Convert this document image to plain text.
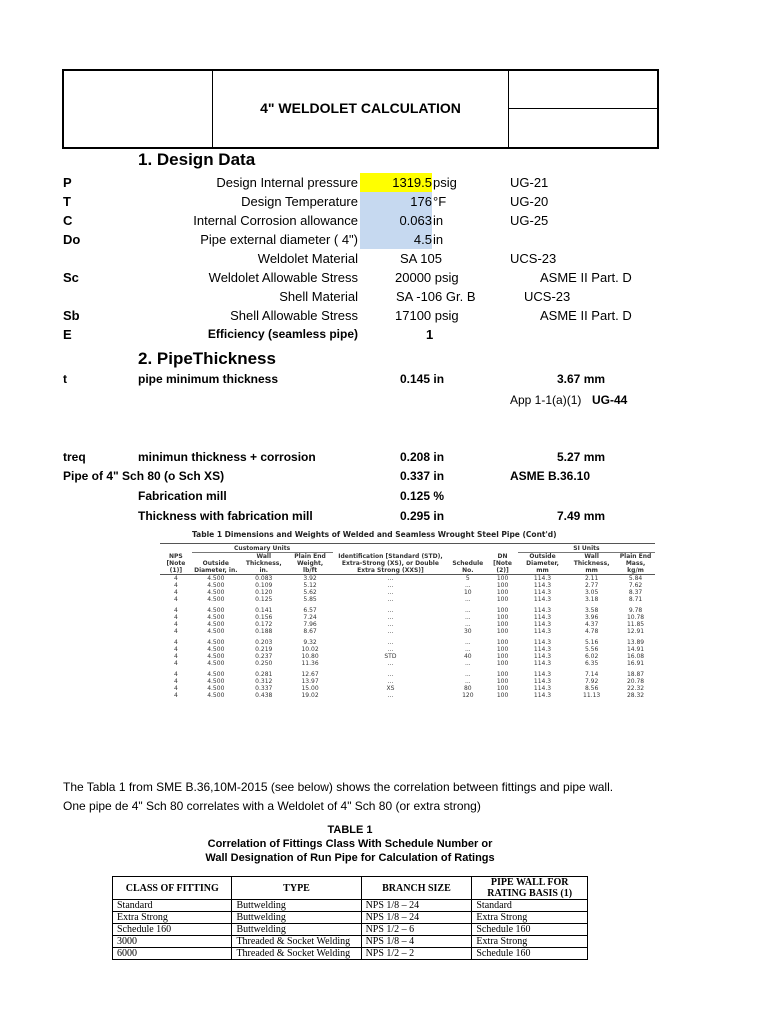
4" WELDOLET CALCULATION
1. Design Data
P	Design Internal pressure	1319.5 psig	UG-21
T	Design Temperature	176 °F	UG-20
C	Internal Corrosion allowance	0.063 in	UG-25
Do	Pipe external diameter ( 4")	4.5 in
Weldolet Material	SA 105	UCS-23
Sc	Weldolet Allowable Stress	20000 psig	ASME II Part. D
Shell Material	SA -106 Gr. B	UCS-23
Sb	Shell Allowable Stress	17100 psig	ASME II Part. D
E	Efficiency (seamless pipe)	1
2. PipeThickness
t	pipe minimum thickness	0.145 in	3.67 mm
App 1-1(a)(1) UG-44
treq	minimun thickness + corrosion	0.208 in	5.27 mm
Pipe of 4" Sch 80 (o Sch XS)	0.337 in	ASME B.36.10
Fabrication mill	0.125 %
Thickness with fabrication mill	0.295 in	7.49 mm
Table 1 Dimensions and Weights of Welded and Seamless Wrought Steel Pipe (Cont'd)
	Customary Units						SI Units		
NPS [Note (1)]	Outside Diameter, in.	Wall Thickness, in.	Plain End Weight, lb/ft	Identification [Standard (STD), Extra-Strong (XS), or Double Extra Strong (XXS)]	Schedule No.	DN [Note (2)]	Outside Diameter, mm	Wall Thickness, mm	Plain End Mass, kg/m
4	4.500	0.083	3.92	...	5	100	114.3	2.11	5.84
4	4.500	0.109	5.12	...	...	100	114.3	2.77	7.62
4	4.500	0.120	5.62	...	10	100	114.3	3.05	8.37
4	4.500	0.125	5.85	...	...	100	114.3	3.18	8.71

4	4.500	0.141	6.57	...	...	100	114.3	3.58	9.78
4	4.500	0.156	7.24	...	...	100	114.3	3.96	10.78
4	4.500	0.172	7.96	...	...	100	114.3	4.37	11.85
4	4.500	0.188	8.67	...	30	100	114.3	4.78	12.91

4	4.500	0.203	9.32	...	...	100	114.3	5.16	13.89
4	4.500	0.219	10.02	...	...	100	114.3	5.56	14.91
4	4.500	0.237	10.80	STD	40	100	114.3	6.02	16.08
4	4.500	0.250	11.36	...	...	100	114.3	6.35	16.91

4	4.500	0.281	12.67	...	...	100	114.3	7.14	18.87
4	4.500	0.312	13.97	...	...	100	114.3	7.92	20.78
4	4.500	0.337	15.00	XS	80	100	114.3	8.56	22.32
4	4.500	0.438	19.02	...	120	100	114.3	11.13	28.32
The Tabla 1 from SME B.36,10M-2015 (see below) shows the correlation between fittings and pipe wall.
One pipe de 4" Sch 80 correlates with a Weldolet of 4" Sch 80 (or extra strong)
TABLE 1
Correlation of Fittings Class With Schedule Number or
Wall Designation of Run Pipe for Calculation of Ratings
CLASS OF FITTING	TYPE	BRANCH SIZE	PIPE WALL FOR RATING BASIS (1)
Standard	Buttwelding	NPS 1/8 – 24	Standard
Extra Strong	Buttwelding	NPS 1/8 – 24	Extra Strong
Schedule 160	Buttwelding	NPS 1/2 – 6	Schedule 160
3000	Threaded & Socket Welding	NPS 1/8 – 4	Extra Strong
6000	Threaded & Socket Welding	NPS 1/2 – 2	Schedule 160
